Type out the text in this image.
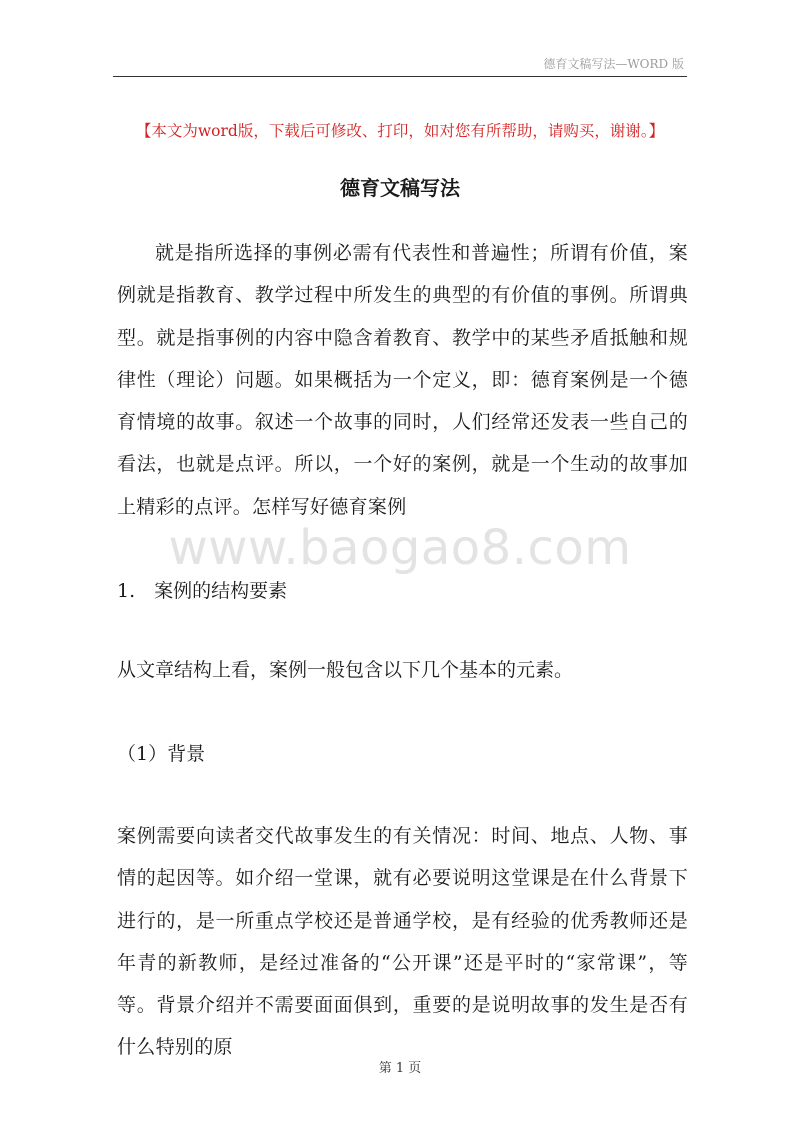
德育文稿写法—WORD 版
【本文为word版，下载后可修改、打印，如对您有所帮助，请购买，谢谢。】
德育文稿写法

就是指所选择的事例必需有代表性和普遍性；所谓有价值，案例就是指教育、教学过程中所发生的典型的有价值的事例。所谓典型。就是指事例的内容中隐含着教育、教学中的某些矛盾抵触和规律性（理论）问题。如果概括为一个定义，即：德育案例是一个德育情境的故事。叙述一个故事的同时，人们经常还发表一些自己的看法，也就是点评。所以，一个好的案例，就是一个生动的故事加上精彩的点评。怎样写好德育案例

www.baogao8.com
1.　案例的结构要素
从文章结构上看，案例一般包含以下几个基本的元素。
（1）背景

案例需要向读者交代故事发生的有关情况：时间、地点、人物、事情的起因等。如介绍一堂课，就有必要说明这堂课是在什么背景下进行的，是一所重点学校还是普通学校，是有经验的优秀教师还是年青的新教师，是经过准备的“公开课”还是平时的“家常课”，等等。背景介绍并不需要面面俱到，重要的是说明故事的发生是否有什么特别的原

第 1 页
